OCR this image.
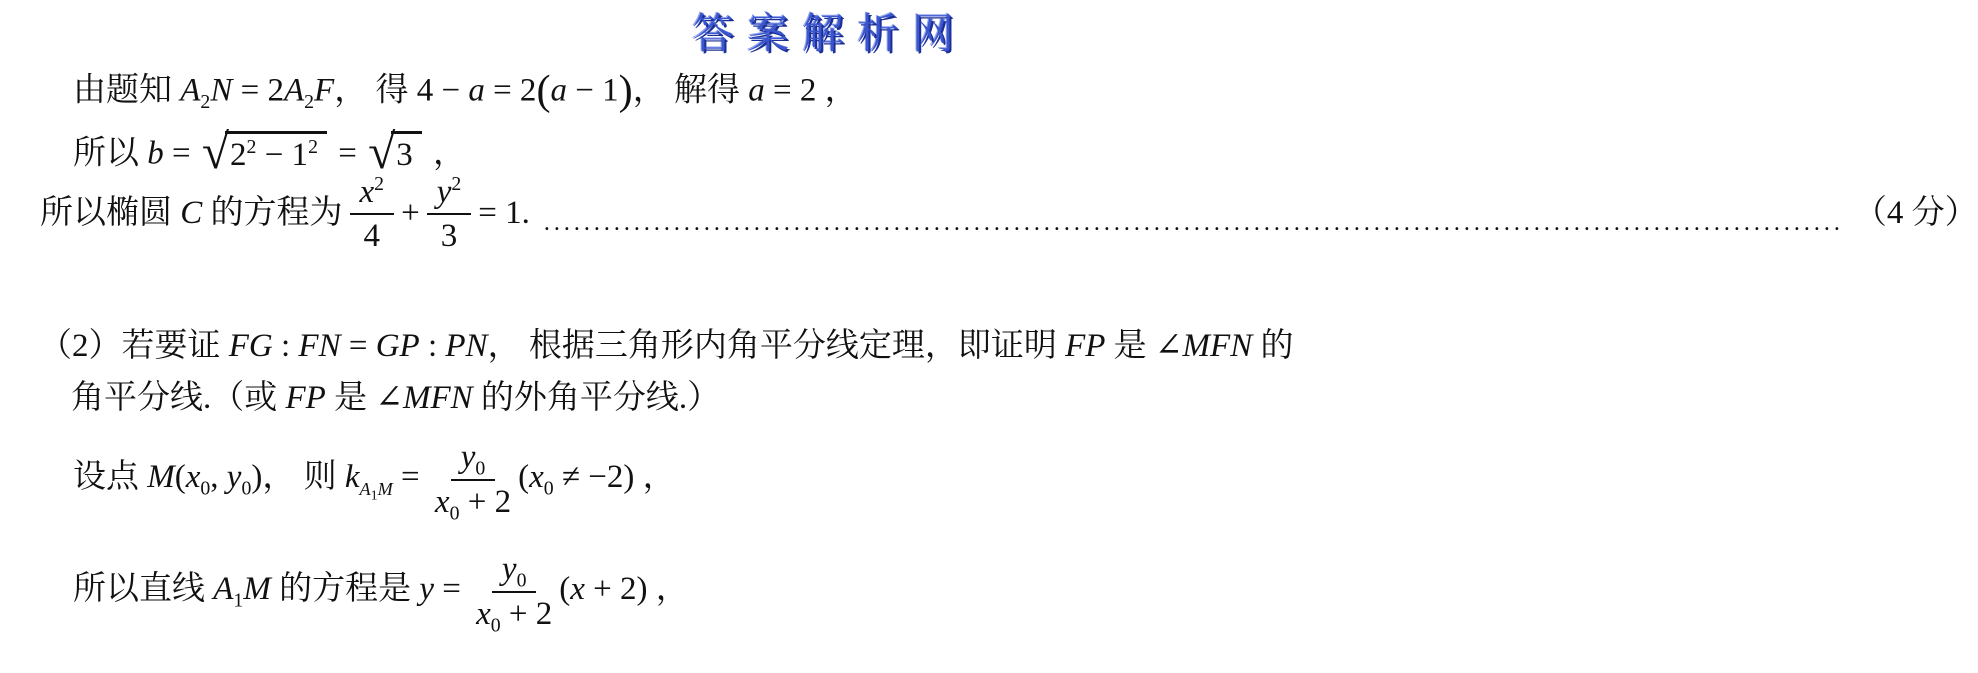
答案解析网

由题知 $A_2N = 2A_2F$， 得 4 − a = 2(a − 1)， 解得 a = 2 ，

所以 b = √ $2^2 - 1^2$ = √ 3 ，

所以椭圆 C 的方程为 $\frac{x^2}{4} + \frac{y^2}{3} = 1$. .................................................................................................................................. （4 分）

（2）若要证 FG : FN = GP : PN， 根据三角形内角平分线定理，即证明 FP 是 ∠MFN 的

角平分线.（或 FP 是 ∠MFN 的外角平分线.）

设点 $M(x_0$, $y_0$)， 则 $k_{A_1M} = \frac{y_0}{x_0 + 2} (x_0 \ne -2)$ ，

所以直线 $A_1M$ 的方程是 $y = \frac{y_0}{x_0 + 2} (x + 2)$ ，
